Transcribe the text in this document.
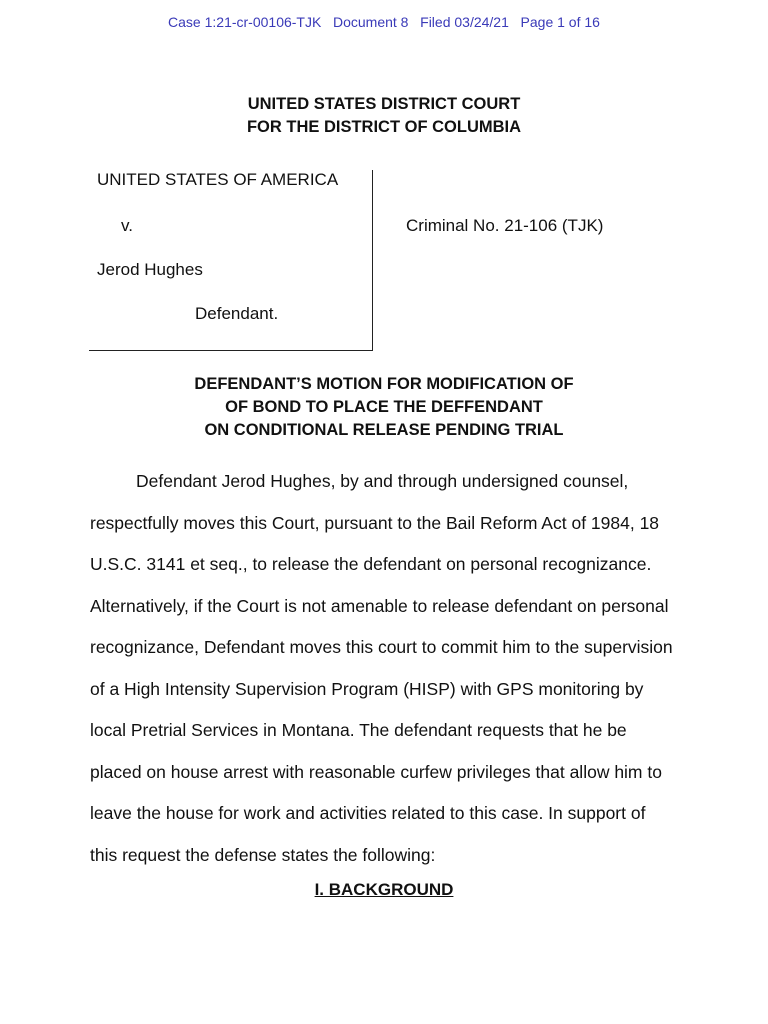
Case 1:21-cr-00106-TJK   Document 8   Filed 03/24/21   Page 1 of 16
UNITED STATES DISTRICT COURT
FOR THE DISTRICT OF COLUMBIA
UNITED STATES OF AMERICA
v.
Jerod Hughes
Defendant.
Criminal No. 21-106 (TJK)
DEFENDANT’S MOTION FOR MODIFICATION OF
OF BOND TO PLACE THE DEFFENDANT
ON CONDITIONAL RELEASE PENDING TRIAL
Defendant Jerod Hughes, by and through undersigned counsel,
respectfully moves this Court, pursuant to the Bail Reform Act of 1984, 18
U.S.C. 3141 et seq., to release the defendant on personal recognizance.
Alternatively, if the Court is not amenable to release defendant on personal
recognizance, Defendant moves this court to commit him to the supervision
of a High Intensity Supervision Program (HISP) with GPS monitoring by
local Pretrial Services in Montana. The defendant requests that he be
placed on house arrest with reasonable curfew privileges that allow him to
leave the house for work and activities related to this case. In support of
this request the defense states the following:
I. BACKGROUND
